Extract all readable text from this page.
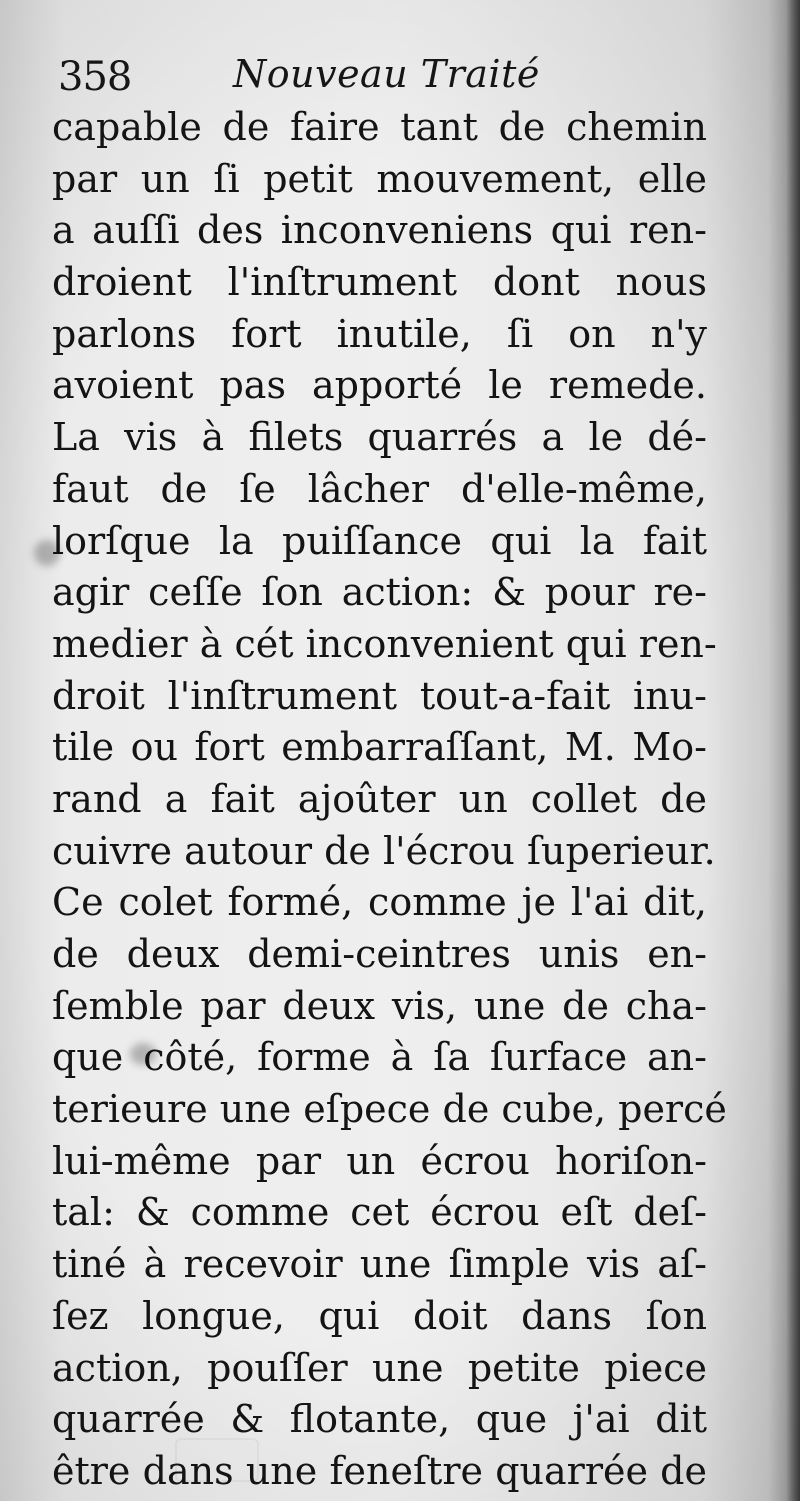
358	Nouveau Traité
capable de faire tant de chemin
par un ſi petit mouvement, elle
a auſſi des inconveniens qui ren-
droient l'inſtrument dont nous
parlons fort inutile, ſi on n'y
avoient pas apporté le remede.
La vis à filets quarrés a le dé-
faut de ſe lâcher d'elle-même,
lorſque la puiſſance qui la fait
agir ceſſe ſon action: & pour re-
medier à cét inconvenient qui ren-
droit l'inſtrument tout-a-fait inu-
tile ou fort embarraſſant, M. Mo-
rand a fait ajoûter un collet de
cuivre autour de l'écrou ſuperieur.
Ce colet formé, comme je l'ai dit,
de deux demi-ceintres unis en-
ſemble par deux vis, une de cha-
que côté, forme à ſa ſurface an-
terieure une eſpece de cube, percé
lui-même par un écrou horiſon-
tal: & comme cet écrou eſt deſ-
tiné à recevoir une ſimple vis aſ-
ſez longue, qui doit dans ſon
action, pouſſer une petite piece
quarrée & flotante, que j'ai dit
être dans une feneſtre quarrée de
